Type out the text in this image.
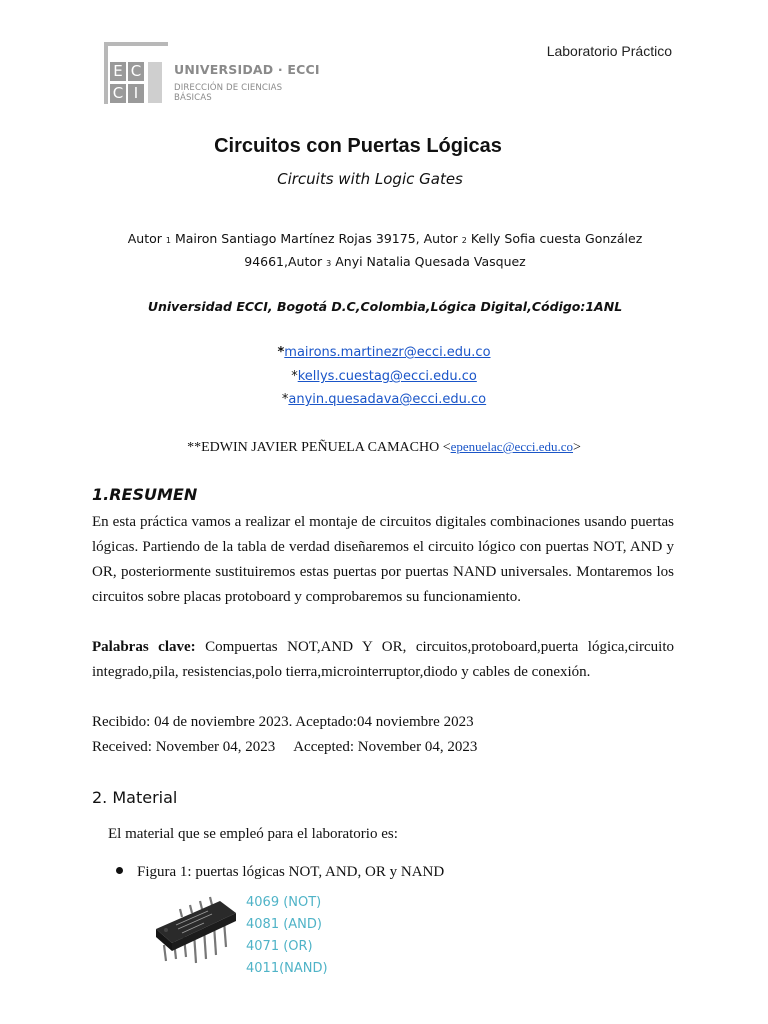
Laboratorio Práctico
E C
C I
UNIVERSIDAD · ECCI
DIRECCIÓN DE CIENCIAS BÁSICAS
Circuitos con Puertas Lógicas
Circuits with Logic Gates
Autor 1 Mairon Santiago Martínez Rojas 39175, Autor 2 Kelly Sofia cuesta González
94661,Autor 3 Anyi Natalia Quesada Vasquez
Universidad ECCI, Bogotá D.C,Colombia,Lógica Digital,Código:1ANL
*mairons.martinezr@ecci.edu.co
*kellys.cuestag@ecci.edu.co
*anyin.quesadava@ecci.edu.co
**EDWIN JAVIER PEÑUELA CAMACHO <epenuelac@ecci.edu.co>
1.RESUMEN
En esta práctica vamos a realizar el montaje de circuitos digitales combinaciones usando puertas lógicas. Partiendo de la tabla de verdad diseñaremos el circuito lógico con puertas NOT, AND y OR, posteriormente sustituiremos estas puertas por puertas NAND universales. Montaremos los circuitos sobre placas protoboard y comprobaremos su funcionamiento.
Palabras clave: Compuertas NOT,AND Y OR, circuitos,protoboard,puerta lógica,circuito integrado,pila, resistencias,polo tierra,microinterruptor,diodo y cables de conexión.
Recibido: 04 de noviembre 2023. Aceptado:04 noviembre 2023
Received: November 04, 2023     Accepted: November 04, 2023
2. Material
El material que se empleó para el laboratorio es:
Figura 1: puertas lógicas NOT, AND, OR y NAND
4069 (NOT)
4081 (AND)
4071 (OR)
4011(NAND)
